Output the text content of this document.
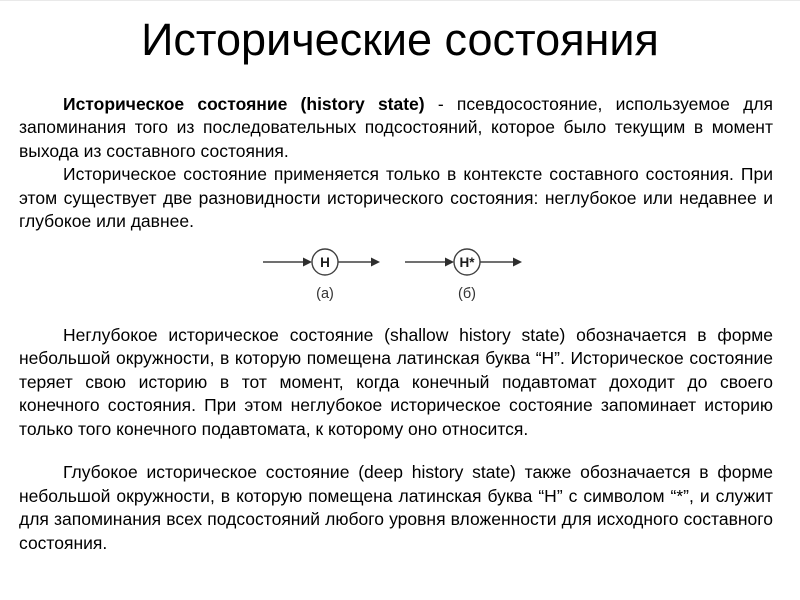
Исторические состояния

Историческое состояние (history state) - псевдосостояние, используемое для запоминания того из последовательных подсостояний, которое было текущим в момент выхода из составного состояния.

Историческое состояние применяется только в контексте составного состояния. При этом существует две разновидности исторического состояния: неглубокое или недавнее и глубокое или давнее.

H
(а)
H*
(б)

Неглубокое историческое состояние (shallow history state) обозначается в форме небольшой окружности, в которую помещена латинская буква “Н”. Историческое состояние теряет свою историю в тот момент, когда конечный подавтомат доходит до своего конечного состояния. При этом неглубокое историческое состояние запоминает историю только того конечного подавтомата, к которому оно относится.

Глубокое историческое состояние (deep history state) также обозначается в форме небольшой окружности, в которую помещена латинская буква “Н” с символом “*”, и служит для запоминания всех подсостояний любого уровня вложенности для исходного составного состояния.
